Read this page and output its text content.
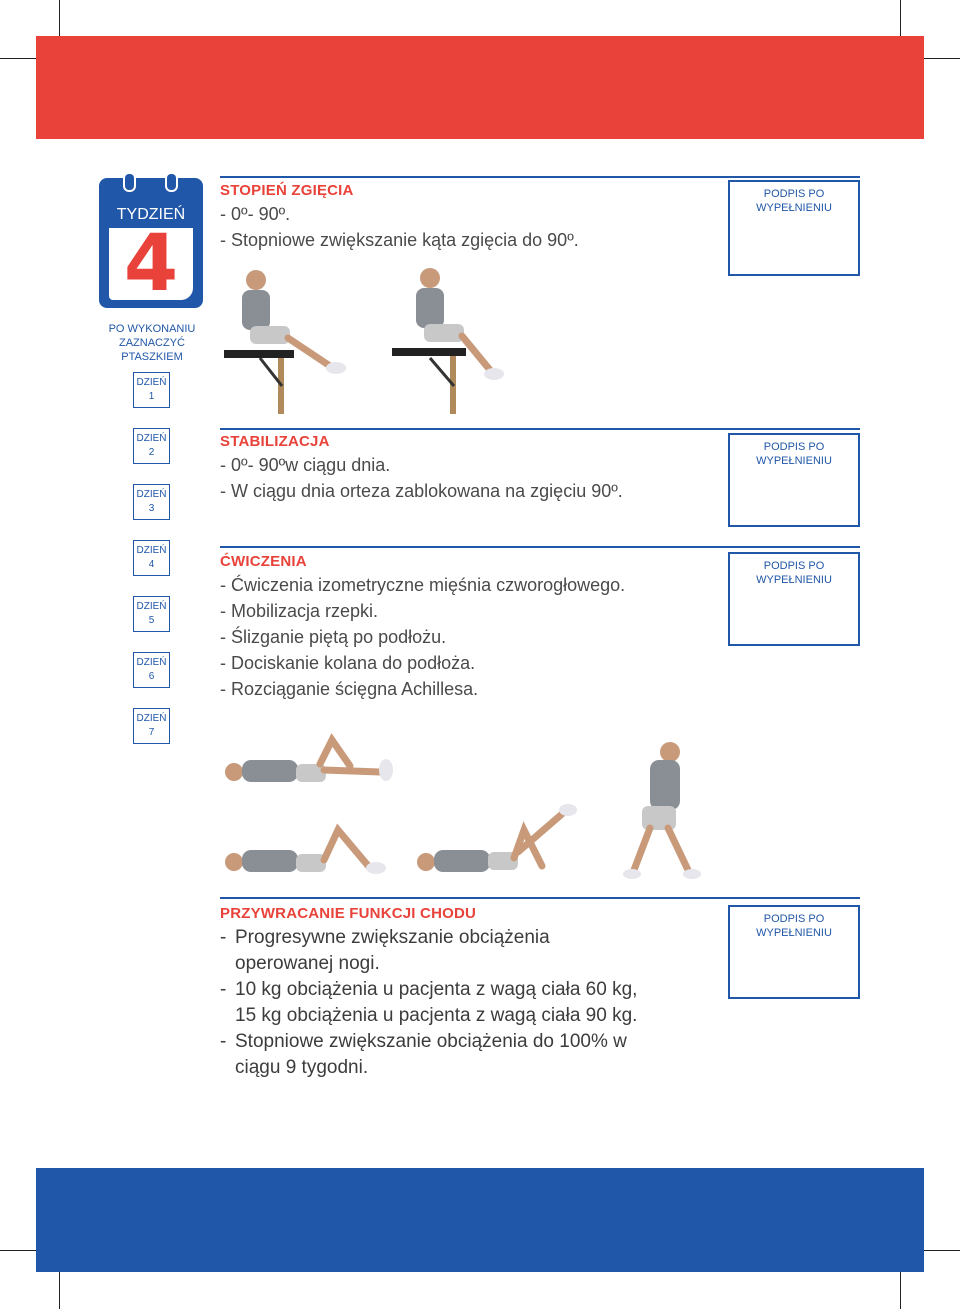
TYDZIEŃ
4
PO WYKONANIU
ZAZNACZYĆ
PTASZKIEM
DZIEŃ
1
DZIEŃ
2
DZIEŃ
3
DZIEŃ
4
DZIEŃ
5
DZIEŃ
6
DZIEŃ
7
STOPIEŃ ZGIĘCIA
- 0º- 90º.
- Stopniowe zwiększanie kąta zgięcia do 90º.
PODPIS PO
WYPEŁNIENIU
STABILIZACJA
- 0º- 90ºw ciągu dnia.
- W ciągu dnia orteza zablokowana na zgięciu 90º.
PODPIS PO
WYPEŁNIENIU
ĆWICZENIA
- Ćwiczenia izometryczne mięśnia czworogłowego.
- Mobilizacja rzepki.
- Ślizganie piętą po podłożu.
- Dociskanie kolana do podłoża.
- Rozciąganie ścięgna Achillesa.
PODPIS PO
WYPEŁNIENIU
PRZYWRACANIE FUNKCJI CHODU
- Progresywne zwiększanie obciążenia
operowanej nogi.
- 10 kg obciążenia u pacjenta z wagą ciała 60 kg,
15 kg obciążenia u pacjenta z wagą ciała 90 kg.
- Stopniowe zwiększanie obciążenia do 100% w
ciągu 9 tygodni.
PODPIS PO
WYPEŁNIENIU
